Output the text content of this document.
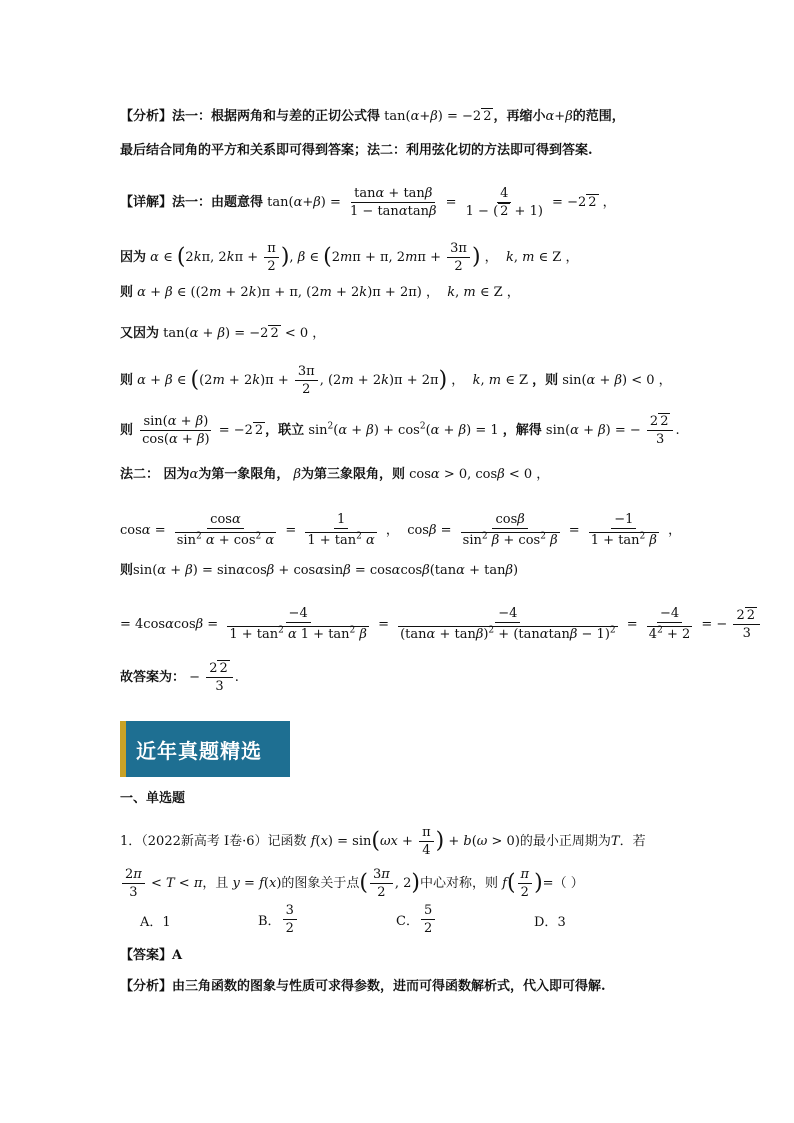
【分析】法一：根据两角和与差的正切公式得 tan(α+β) = −2 2 ，再缩小α+β的范围，
最后结合同角的平方和关系即可得到答案；法二：利用弦化切的方法即可得到答案.
【详解】法一：由题意得 $\tan(\alpha+\beta) = \frac{\tan\alpha + \tan\beta}{1 - \tan\alpha\tan\beta} = \frac{4}{1 - ( 2 + 1)} = -2$ 2 ，
因为 α ∈ (2kπ, $2k\pi + \frac{\pi}{2}$ ), β ∈ (2mπ + π, $2m\pi + \frac{3\pi}{2}$ ) ，  k, m ∈ Z ，
则 α + β ∈ ((2m + 2k)π + π, (2m + 2k)π + 2π) ，  k, m ∈ Z ，
又因为 tan(α + β) = −2 2 < 0 ，
则 α + β ∈ ($(2m + 2k)\pi + \frac{3\pi}{2}$ , (2m + 2k)π + 2π) ，  k, m ∈ Z ，则 sin(α + β) < 0 ，
则 $\frac{\sin(\alpha + \beta)}{\cos(\alpha + \beta)} = -2$ 2 ，联立 $\sin^2(\alpha + \beta) + \cos^2(\alpha + \beta) = 1$ ，解得 sin(α + β) = − $\frac{2 2}{3}$ .
法二： 因为α为第一象限角， β为第三象限角，则 cosα > 0, cosβ < 0 ，
$\cos\alpha = \frac{\cos\alpha}{\sin^2 \alpha + \cos^2 \alpha} = \frac{1}{1 + \tan^2 \alpha}$ ，  $\cos\beta = \frac{\cos\beta}{\sin^2 \beta + \cos^2 \beta} = \frac{-1}{1 + \tan^2 \beta}$ ，
则sin(α + β) = sinαcosβ + cosαsinβ = cosαcosβ(tanα + tanβ)
= $4\cos\alpha\cos\beta = \frac{-4}{1 + \tan^2 \alpha 1 + \tan^2 \beta} = \frac{-4}{(\tan\alpha + \tan\beta)^2 + (\tan\alpha\tan\beta - 1)^2} = \frac{-4}{4^2 + 2}$ = − $\frac{2 2}{3}$
故答案为： − $\frac{2 2}{3}$ .
近年真题精选
一、单选题
1．（2022新高考 I卷·6）记函数 $f(x) = \sin(\omega x + \frac{\pi}{4}$ ) + b(ω > 0)的最小正周期为T．若
$\frac{2\pi}{3} < T < \pi$，且 y = f(x)的图象关于点( $\frac{3\pi}{2}$ , 2)中心对称，则 $f( \frac{\pi}{2}$ )=（ ）
A．1	B． $\frac{3}{2}$	C． $\frac{5}{2}$	D．3
【答案】A
【分析】由三角函数的图象与性质可求得参数，进而可得函数解析式，代入即可得解.
